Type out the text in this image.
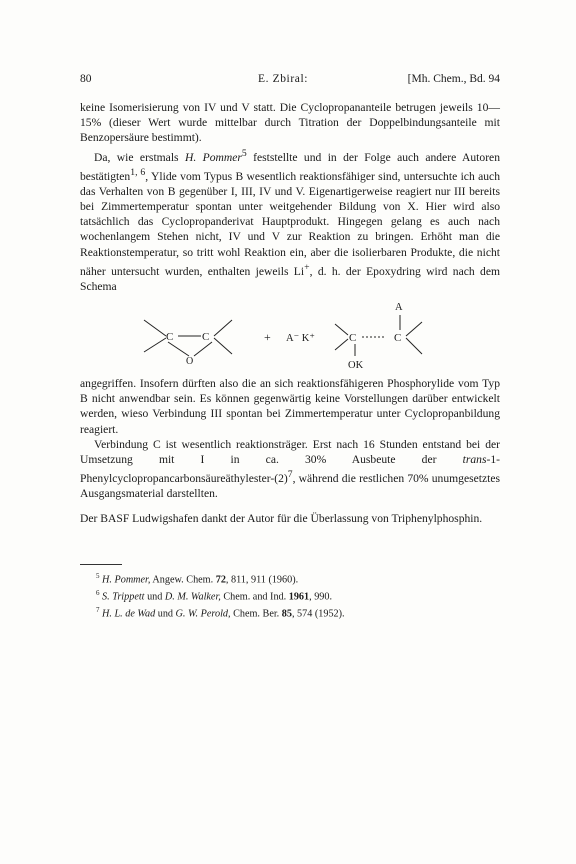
80	E. Zbiral:	[Mh. Chem., Bd. 94

keine Isomerisierung von IV und V statt. Die Cyclopropananteile betrugen jeweils 10—15% (dieser Wert wurde mittelbar durch Titration der Doppelbindungsanteile mit Benzopersäure bestimmt).

Da, wie erstmals H. Pommer$^5$ feststellte und in der Folge auch andere Autoren bestätigten$^{1, 6}$, Ylide vom Typus B wesentlich reaktionsfähiger sind, untersuchte ich auch das Verhalten von B gegenüber I, III, IV und V. Eigenartigerweise reagiert nur III bereits bei Zimmertemperatur spontan unter weitgehender Bildung von X. Hier wird also tatsächlich das Cyclopropanderivat Hauptprodukt. Hingegen gelang es auch nach wochenlangem Stehen nicht, IV und V zur Reaktion zu bringen. Erhöht man die Reaktionstemperatur, so tritt wohl Reaktion ein, aber die isolierbaren Produkte, die nicht näher untersucht wurden, enthalten jeweils Li+, d. h. der Epoxydring wird nach dem Schema

C	C
O
+ A⁻ K⁺	C	C
A
OK

angegriffen. Insofern dürften also die an sich reaktionsfähigeren Phosphorylide vom Typ B nicht anwendbar sein. Es können gegenwärtig keine Vorstellungen darüber entwickelt werden, wieso Verbindung III spontan bei Zimmertemperatur unter Cyclopropanbildung reagiert.

Verbindung C ist wesentlich reaktionsträger. Erst nach 16 Stunden entstand bei der Umsetzung mit I in ca. 30% Ausbeute der trans-$1-Phenylcyclopropancarbonsäureäthylester-(2)^7$, während die restlichen 70% unumgesetztes Ausgangsmaterial darstellten.

Der BASF Ludwigshafen dankt der Autor für die Überlassung von Triphenylphosphin.

$^5$ H. Pommer, Angew. Chem. 72, 811, 911 (1960).

$^6$ S. Trippett und D. M. Walker, Chem. and Ind. 1961, 990.

$^7$ H. L. de Wad und G. W. Perold, Chem. Ber. 85, 574 (1952).
